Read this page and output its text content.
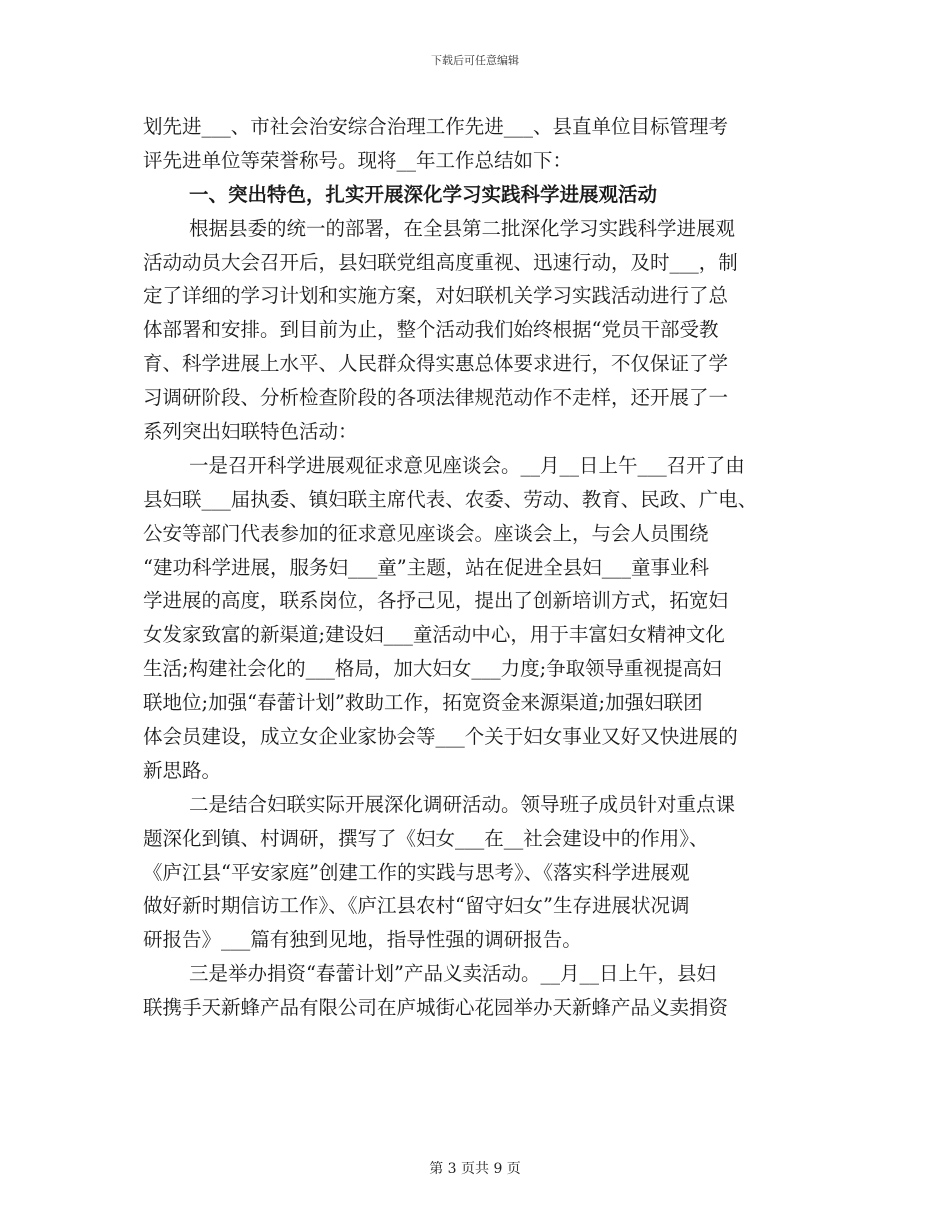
下载后可任意编辑
划先进___、市社会治安综合治理工作先进___、县直单位目标管理考
评先进单位等荣誉称号。现将__年工作总结如下：
一、突出特色，扎实开展深化学习实践科学进展观活动
根据县委的统一的部署，在全县第二批深化学习实践科学进展观
活动动员大会召开后，县妇联党组高度重视、迅速行动，及时___，制
定了详细的学习计划和实施方案，对妇联机关学习实践活动进行了总
体部署和安排。到目前为止，整个活动我们始终根据“党员干部受教
育、科学进展上水平、人民群众得实惠总体要求进行，不仅保证了学
习调研阶段、分析检查阶段的各项法律规范动作不走样，还开展了一
系列突出妇联特色活动：
一是召开科学进展观征求意见座谈会。__月__日上午___召开了由
县妇联___届执委、镇妇联主席代表、农委、劳动、教育、民政、广电、
公安等部门代表参加的征求意见座谈会。座谈会上，与会人员围绕
“建功科学进展，服务妇___童”主题，站在促进全县妇___童事业科
学进展的高度，联系岗位，各抒己见，提出了创新培训方式，拓宽妇
女发家致富的新渠道;建设妇___童活动中心，用于丰富妇女精神文化
生活;构建社会化的___格局，加大妇女___力度;争取领导重视提高妇
联地位;加强“春蕾计划”救助工作，拓宽资金来源渠道;加强妇联团
体会员建设，成立女企业家协会等___个关于妇女事业又好又快进展的
新思路。
二是结合妇联实际开展深化调研活动。领导班子成员针对重点课
题深化到镇、村调研，撰写了《妇女___在__社会建设中的作用》、
《庐江县“平安家庭”创建工作的实践与思考》、《落实科学进展观
做好新时期信访工作》、《庐江县农村“留守妇女”生存进展状况调
研报告》___篇有独到见地，指导性强的调研报告。
三是举办捐资“春蕾计划”产品义卖活动。__月__日上午，县妇
联携手天新蜂产品有限公司在庐城街心花园举办天新蜂产品义卖捐资
第 3 页共 9 页
